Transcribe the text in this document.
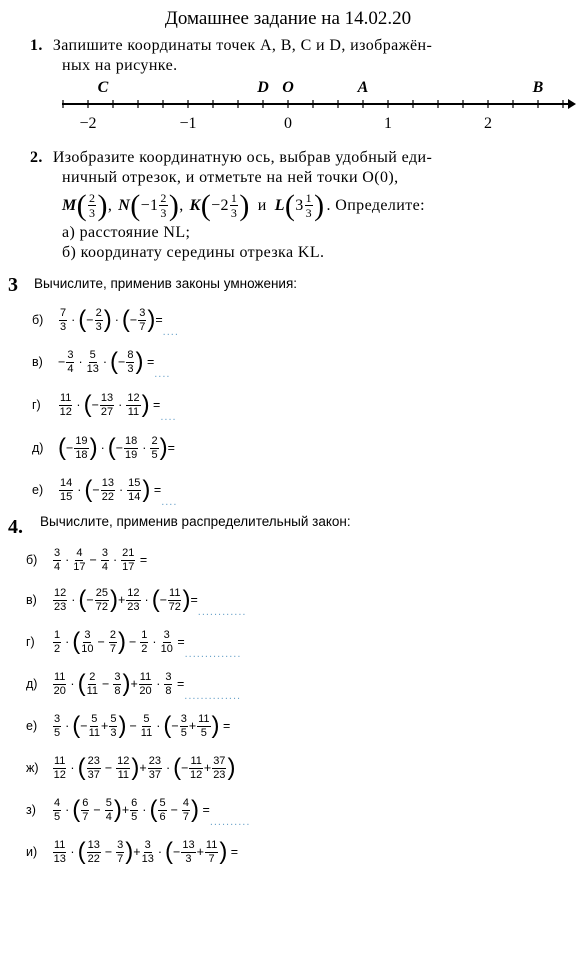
Домашнее задание на 14.02.20
1. Запишите координаты точек A, B, C и D, изображён-
ных на рисунке.
−2	−1	0	1	2
C	D O	A	B
2. Изобразите координатную ось, выбрав удобный еди-
ничный отрезок, и отметьте на ней точки O(0),
M ( $\frac{2}{3}$ ) , N ( $-1 \frac{2}{3}$ ) , K ( $-2 \frac{1}{3}$ ) и L ( $3 \frac{1}{3}$ ) . Определите:
а) расстояние NL;
б) координату середины отрезка KL.
3 Вычислите, применив законы умножения:
б)	$\frac{7}{3}$ · ( − $\frac{2}{3}$ ) · ( − $\frac{3}{7}$ ) =
....
в)	− $\frac{3}{4} \cdot \frac{5}{13}$ · ( − $\frac{8}{3}$ ) =
....
г)	$\frac{11}{12}$ · ( − $\frac{13}{27} \cdot \frac{12}{11}$ ) =
....
д) ( − $\frac{19}{18}$ ) · ( − $\frac{18}{19} \cdot \frac{2}{5}$ ) =
е)	$\frac{14}{15}$ · ( − $\frac{13}{22} \cdot \frac{15}{14}$ ) =
....
4. Вычислите, применив распределительный закон:
б)	$\frac{3}{4} \cdot \frac{4}{17} - \frac{3}{4} \cdot \frac{21}{17}$ =
в)	$\frac{12}{23}$ · ( − $\frac{25}{72}$ ) + $\frac{12}{23}$ · ( − $\frac{11}{72}$ ) =
............
г)	$\frac{1}{2}$ · ( $\frac{3}{10} - \frac{2}{7}$ ) − $\frac{1}{2} \cdot \frac{3}{10}$ =
..............
д)	$\frac{11}{20}$ · ( $\frac{2}{11} - \frac{3}{8}$ ) + $\frac{11}{20} \cdot \frac{3}{8}$ =
..............
е)	$\frac{3}{5}$ · ( − $\frac{5}{11} + \frac{5}{3}$ ) − $\frac{5}{11}$ · ( − $\frac{3}{5} + \frac{11}{5}$ ) =
ж)	$\frac{11}{12}$ · ( $\frac{23}{37} - \frac{12}{11}$ ) + $\frac{23}{37}$ · ( − $\frac{11}{12} + \frac{37}{23}$ )
з)	$\frac{4}{5}$ · ( $\frac{6}{7} - \frac{5}{4}$ ) + $\frac{6}{5}$ · ( $\frac{5}{6} - \frac{4}{7}$ ) =
..........
и)	$\frac{11}{13}$ · ( $\frac{13}{22} - \frac{3}{7}$ ) + $\frac{3}{13}$ · ( − $\frac{13}{3} + \frac{11}{7}$ ) =
